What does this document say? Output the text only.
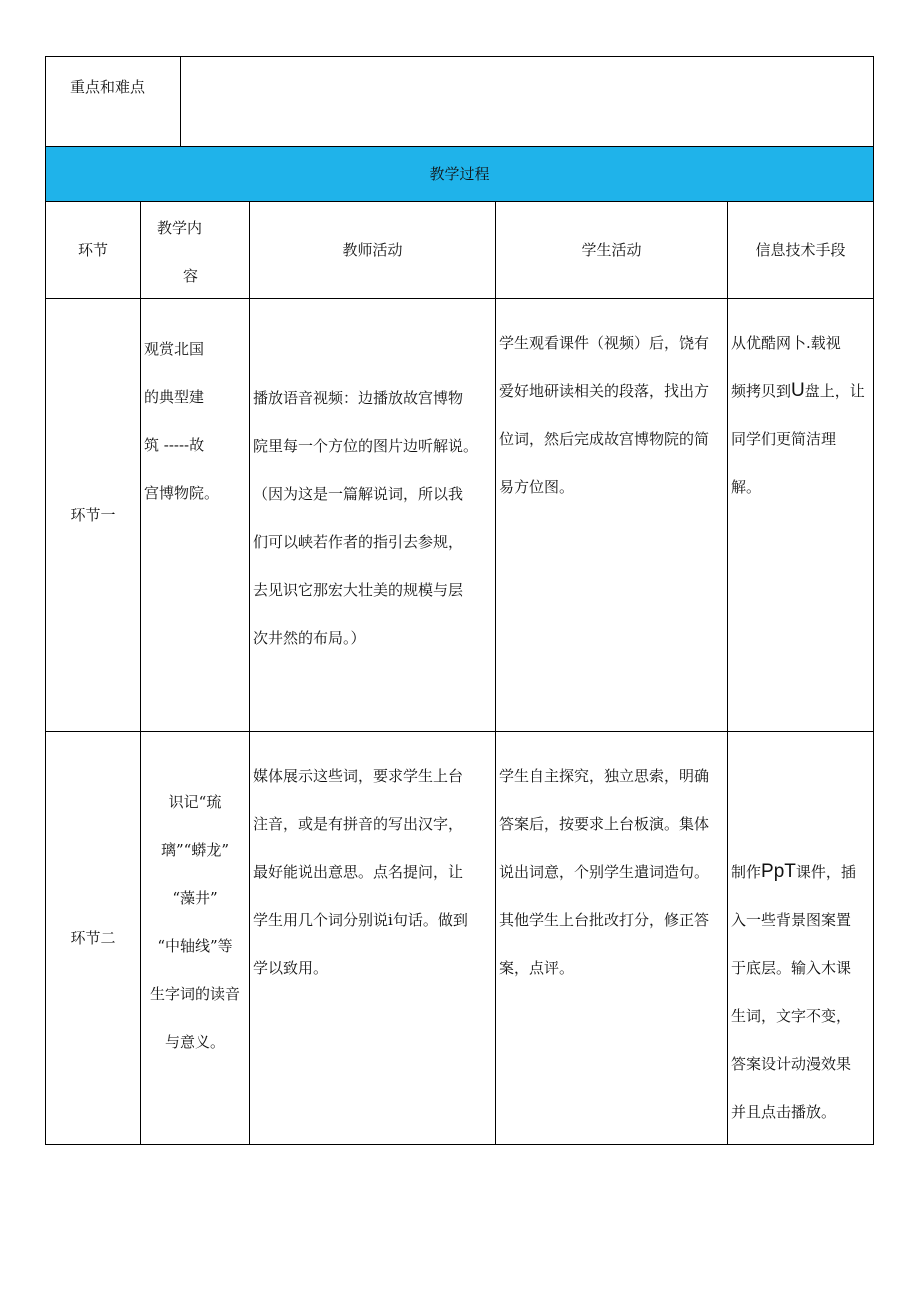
重点和难点
教学过程
环节
教学内
容
教师活动	学生活动	信息技术手段
环节一
观赏北国
的典型建
筑 -----故
宫博物院。
播放语音视频：边播放故宫博物
院里每一个方位的图片边听解说。
（因为这是一篇解说词，所以我
们可以峡若作者的指引去参规，
去见识它那宏大壮美的规模与层
次井然的布局。）
学生观看课件（视频）后，饶有
爱好地研读相关的段落，找出方
位词，然后完成故宫博物院的简
易方位图。
从优酷网卜.载视
频拷贝到U盘上，让
同学们更简洁理
解。
环节二
识记“琉
璃”“蟒龙”
“藻井”
“中轴线”等
生字词的读音
与意义。
媒体展示这些词，要求学生上台
注音，或是有拼音的写出汉字，
最好能说出意思。点名提问，让
学生用几个词分别说i句话。做到
学以致用。
学生自主探究，独立思索，明确
答案后，按要求上台板演。集体
说出词意，个别学生遣词造句。
其他学生上台批改打分，修正答
案，点评。
制作PpT课件，插
入一些背景图案置
于底层。输入木课
生词，文字不变，
答案设计动漫效果
并且点击播放。
